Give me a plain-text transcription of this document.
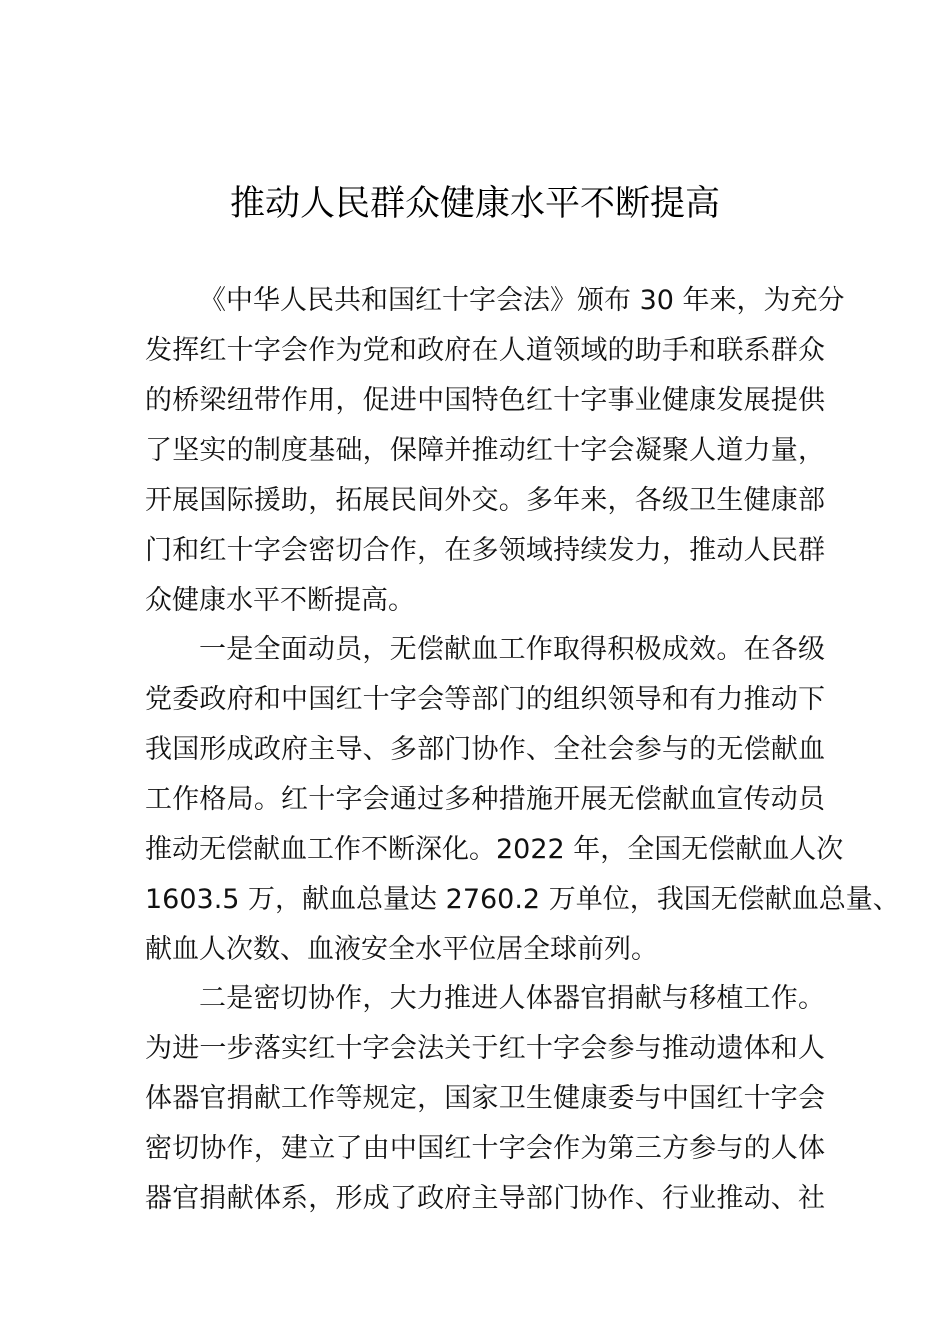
推动人民群众健康水平不断提高
《中华人民共和国红十字会法》颁布 30 年来，为充分
发挥红十字会作为党和政府在人道领域的助手和联系群众
的桥梁纽带作用，促进中国特色红十字事业健康发展提供
了坚实的制度基础，保障并推动红十字会凝聚人道力量，
开展国际援助，拓展民间外交。多年来，各级卫生健康部
门和红十字会密切合作，在多领域持续发力，推动人民群
众健康水平不断提高。
一是全面动员，无偿献血工作取得积极成效。在各级
党委政府和中国红十字会等部门的组织领导和有力推动下
我国形成政府主导、多部门协作、全社会参与的无偿献血
工作格局。红十字会通过多种措施开展无偿献血宣传动员
推动无偿献血工作不断深化。2022 年，全国无偿献血人次
1603.5 万，献血总量达 2760.2 万单位，我国无偿献血总量、
献血人次数、血液安全水平位居全球前列。
二是密切协作，大力推进人体器官捐献与移植工作。
为进一步落实红十字会法关于红十字会参与推动遗体和人
体器官捐献工作等规定，国家卫生健康委与中国红十字会
密切协作，建立了由中国红十字会作为第三方参与的人体
器官捐献体系，形成了政府主导部门协作、行业推动、社
